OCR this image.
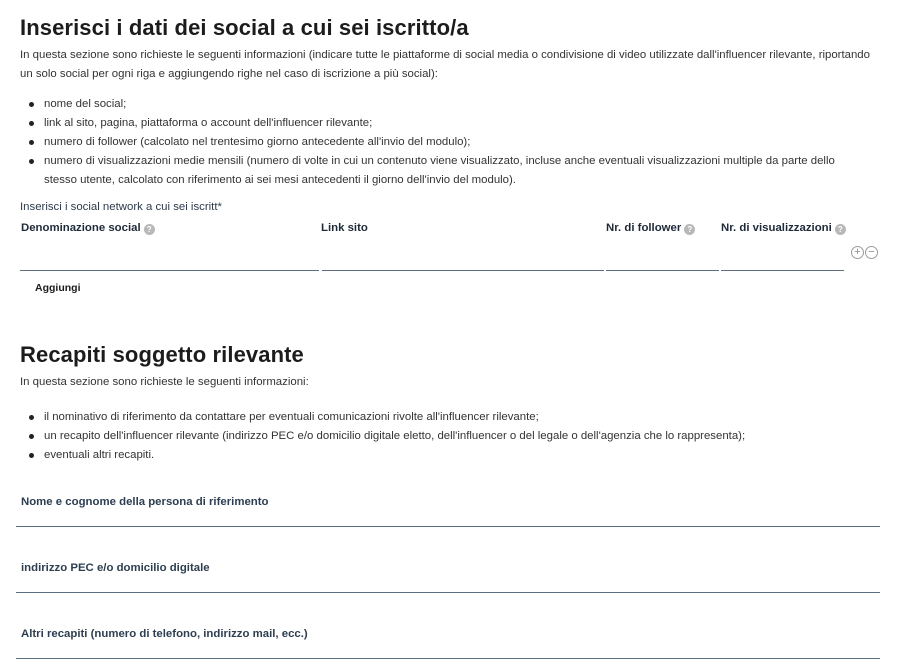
Inserisci i dati dei social a cui sei iscritto/a

In questa sezione sono richieste le seguenti informazioni (indicare tutte le piattaforme di social media o condivisione di video utilizzate dall'influencer rilevante, riportando un solo social per ogni riga e aggiungendo righe nel caso di iscrizione a più social):

nome del social;
link al sito, pagina, piattaforma o account dell'influencer rilevante;
numero di follower (calcolato nel trentesimo giorno antecedente all'invio del modulo);
numero di visualizzazioni medie mensili (numero di volte in cui un contenuto viene visualizzato, incluse anche eventuali visualizzazioni multiple da parte dello stesso utente, calcolato con riferimento ai sei mesi antecedenti il giorno dell'invio del modulo).
Inserisci i social network a cui sei iscritt*
Denominazione social ?	Link sito	Nr. di follower ?	Nr. di visualizzazioni ?
+ −
Aggiungi
Recapiti soggetto rilevante

In questa sezione sono richieste le seguenti informazioni:

il nominativo di riferimento da contattare per eventuali comunicazioni rivolte all'influencer rilevante;
un recapito dell'influencer rilevante (indirizzo PEC e/o domicilio digitale eletto, dell'influencer o del legale o dell'agenzia che lo rappresenta);
eventuali altri recapiti.
Nome e cognome della persona di riferimento
indirizzo PEC e/o domicilio digitale
Altri recapiti (numero di telefono, indirizzo mail, ecc.)
